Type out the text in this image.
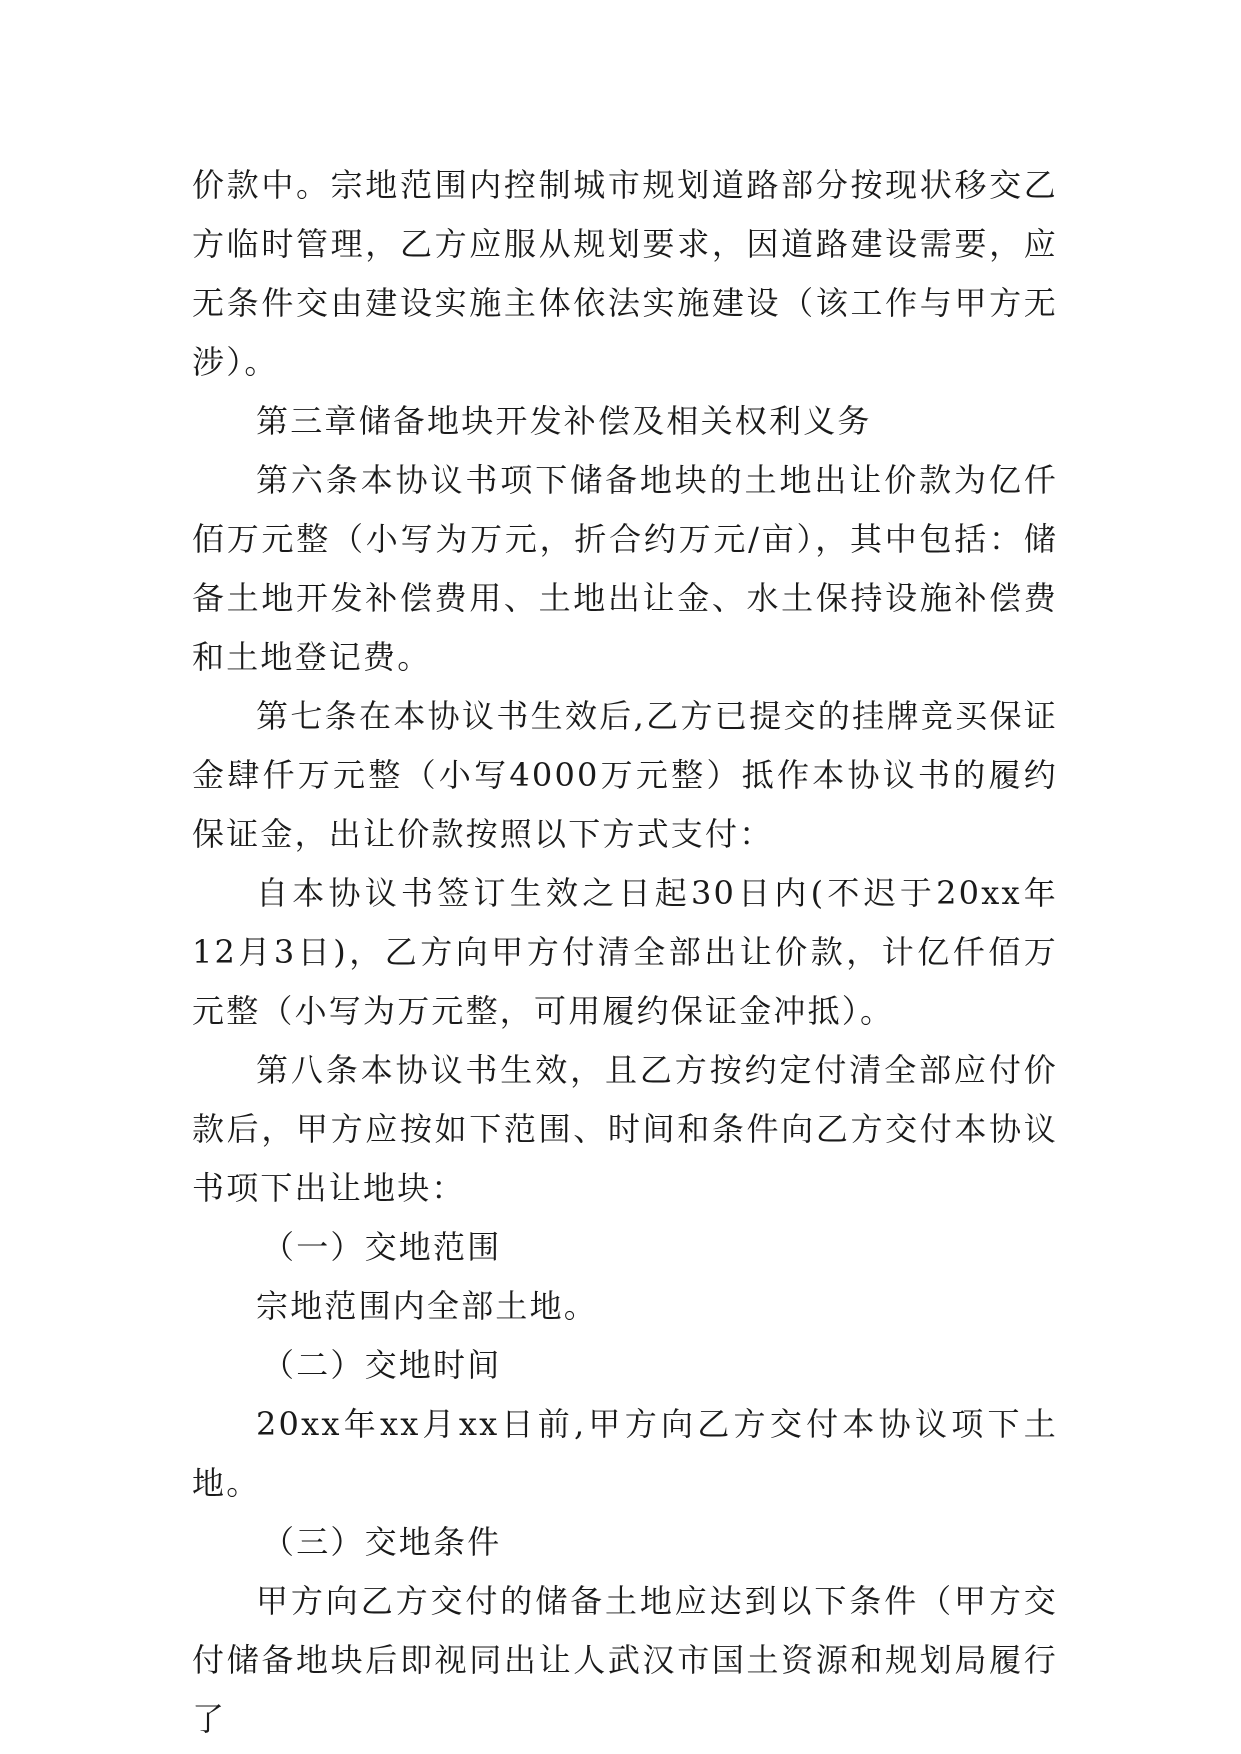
价款中。宗地范围内控制城市规划道路部分按现状移交乙方临时管理，乙方应服从规划要求，因道路建设需要，应无条件交由建设实施主体依法实施建设（该工作与甲方无涉）。

第三章储备地块开发补偿及相关权利义务

第六条本协议书项下储备地块的土地出让价款为亿仟佰万元整（小写为万元，折合约万元/亩），其中包括：储备土地开发补偿费用、土地出让金、水土保持设施补偿费和土地登记费。

第七条在本协议书生效后,乙方已提交的挂牌竞买保证金肆仟万元整（小写4000万元整）抵作本协议书的履约保证金，出让价款按照以下方式支付：

自本协议书签订生效之日起30日内(不迟于20xx年12月3日)，乙方向甲方付清全部出让价款，计亿仟佰万元整（小写为万元整，可用履约保证金冲抵）。

第八条本协议书生效，且乙方按约定付清全部应付价款后，甲方应按如下范围、时间和条件向乙方交付本协议书项下出让地块：

（一）交地范围

宗地范围内全部土地。

（二）交地时间

20xx年xx月xx日前,甲方向乙方交付本协议项下土地。

（三）交地条件

甲方向乙方交付的储备土地应达到以下条件（甲方交付储备地块后即视同出让人武汉市国土资源和规划局履行了
